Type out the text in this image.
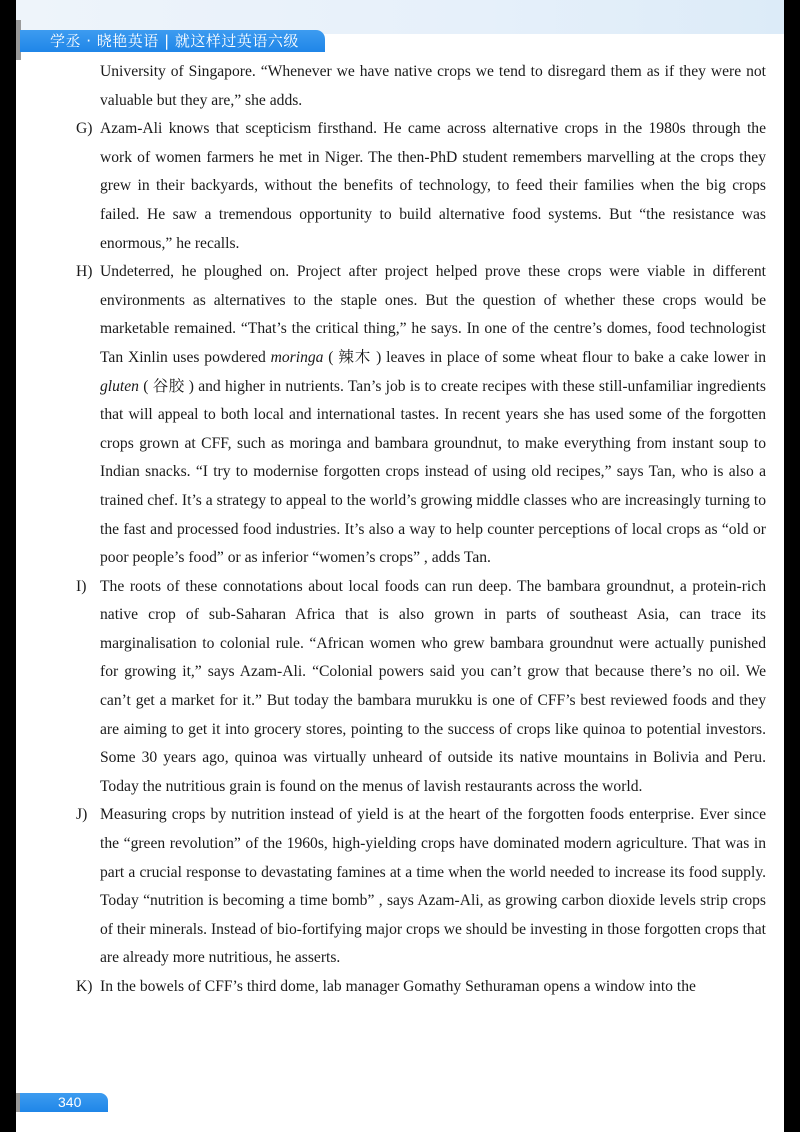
学丞 · 晓艳英语 | 就这样过英语六级

University of Singapore. “Whenever we have native crops we tend to disregard them as if they were not valuable but they are,” she adds.

G) Azam-Ali knows that scepticism firsthand. He came across alternative crops in the 1980s through the work of women farmers he met in Niger. The then-PhD student remembers marvelling at the crops they grew in their backyards, without the benefits of technology, to feed their families when the big crops failed. He saw a tremendous opportunity to build alternative food systems. But “the resistance was enormous,” he recalls.

H) Undeterred, he ploughed on. Project after project helped prove these crops were viable in different environments as alternatives to the staple ones. But the question of whether these crops would be marketable remained. “That’s the critical thing,” he says. In one of the centre’s domes, food technologist Tan Xinlin uses powdered moringa ( 辣木 ) leaves in place of some wheat flour to bake a cake lower in gluten ( 谷胶 ) and higher in nutrients. Tan’s job is to create recipes with these still-unfamiliar ingredients that will appeal to both local and international tastes. In recent years she has used some of the forgotten crops grown at CFF, such as moringa and bambara groundnut, to make everything from instant soup to Indian snacks. “I try to modernise forgotten crops instead of using old recipes,” says Tan, who is also a trained chef. It’s a strategy to appeal to the world’s growing middle classes who are increasingly turning to the fast and processed food industries. It’s also a way to help counter perceptions of local crops as “old or poor people’s food” or as inferior “women’s crops” , adds Tan.

I) The roots of these connotations about local foods can run deep. The bambara groundnut, a protein-rich native crop of sub-Saharan Africa that is also grown in parts of southeast Asia, can trace its marginalisation to colonial rule. “African women who grew bambara groundnut were actually punished for growing it,” says Azam-Ali. “Colonial powers said you can’t grow that because there’s no oil. We can’t get a market for it.” But today the bambara murukku is one of CFF’s best reviewed foods and they are aiming to get it into grocery stores, pointing to the success of crops like quinoa to potential investors. Some 30 years ago, quinoa was virtually unheard of outside its native mountains in Bolivia and Peru. Today the nutritious grain is found on the menus of lavish restaurants across the world.

J) Measuring crops by nutrition instead of yield is at the heart of the forgotten foods enterprise. Ever since the “green revolution” of the 1960s, high-yielding crops have dominated modern agriculture. That was in part a crucial response to devastating famines at a time when the world needed to increase its food supply. Today “nutrition is becoming a time bomb” , says Azam-Ali, as growing carbon dioxide levels strip crops of their minerals. Instead of bio-fortifying major crops we should be investing in those forgotten crops that are already more nutritious, he asserts.

K) In the bowels of CFF’s third dome, lab manager Gomathy Sethuraman opens a window into the

340
